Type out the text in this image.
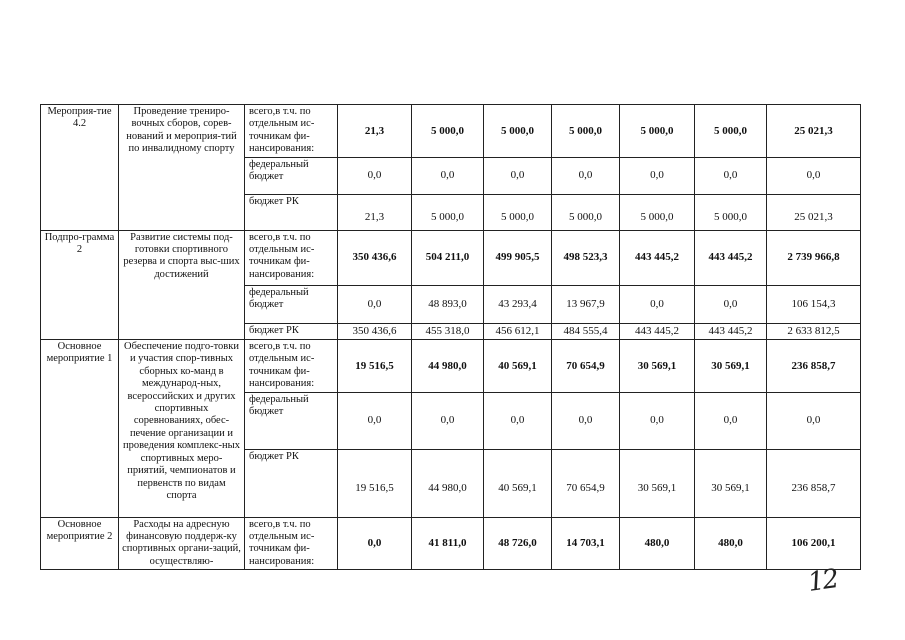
Мероприя-тие 4.2	Проведение трениро-вочных сборов, сорев-нований и мероприя-тий по инвалидному спорту	всего,в т.ч. по отдельным ис-точникам фи-нансирования:	21,3	5 000,0	5 000,0	5 000,0	5 000,0	5 000,0	25 021,3
		федеральный бюджет	0,0	0,0	0,0	0,0	0,0	0,0	0,0
		бюджет РК	21,3	5 000,0	5 000,0	5 000,0	5 000,0	5 000,0	25 021,3
Подпро-грамма 2	Развитие системы под-готовки спортивного резерва и спорта выс-ших достижений	всего,в т.ч. по отдельным ис-точникам фи-нансирования:	350 436,6	504 211,0	499 905,5	498 523,3	443 445,2	443 445,2	2 739 966,8
		федеральный бюджет	0,0	48 893,0	43 293,4	13 967,9	0,0	0,0	106 154,3
		бюджет РК	350 436,6	455 318,0	456 612,1	484 555,4	443 445,2	443 445,2	2 633 812,5
Основное мероприятие 1	Обеспечение подго-товки и участия спор-тивных сборных ко-манд в международ-ных, всероссийских и других спортивных соревнованиях, обес-печение организации и проведения комплекс-ных спортивных меро-приятий, чемпионатов и первенств по видам спорта	всего,в т.ч. по отдельным ис-точникам фи-нансирования:	19 516,5	44 980,0	40 569,1	70 654,9	30 569,1	30 569,1	236 858,7
		федеральный бюджет	0,0	0,0	0,0	0,0	0,0	0,0	0,0
		бюджет РК	19 516,5	44 980,0	40 569,1	70 654,9	30 569,1	30 569,1	236 858,7
Основное мероприятие 2	Расходы на адресную финансовую поддерж-ку спортивных органи-заций, осуществляю-	всего,в т.ч. по отдельным ис-точникам фи-нансирования:	0,0	41 811,0	48 726,0	14 703,1	480,0	480,0	106 200,1
12
